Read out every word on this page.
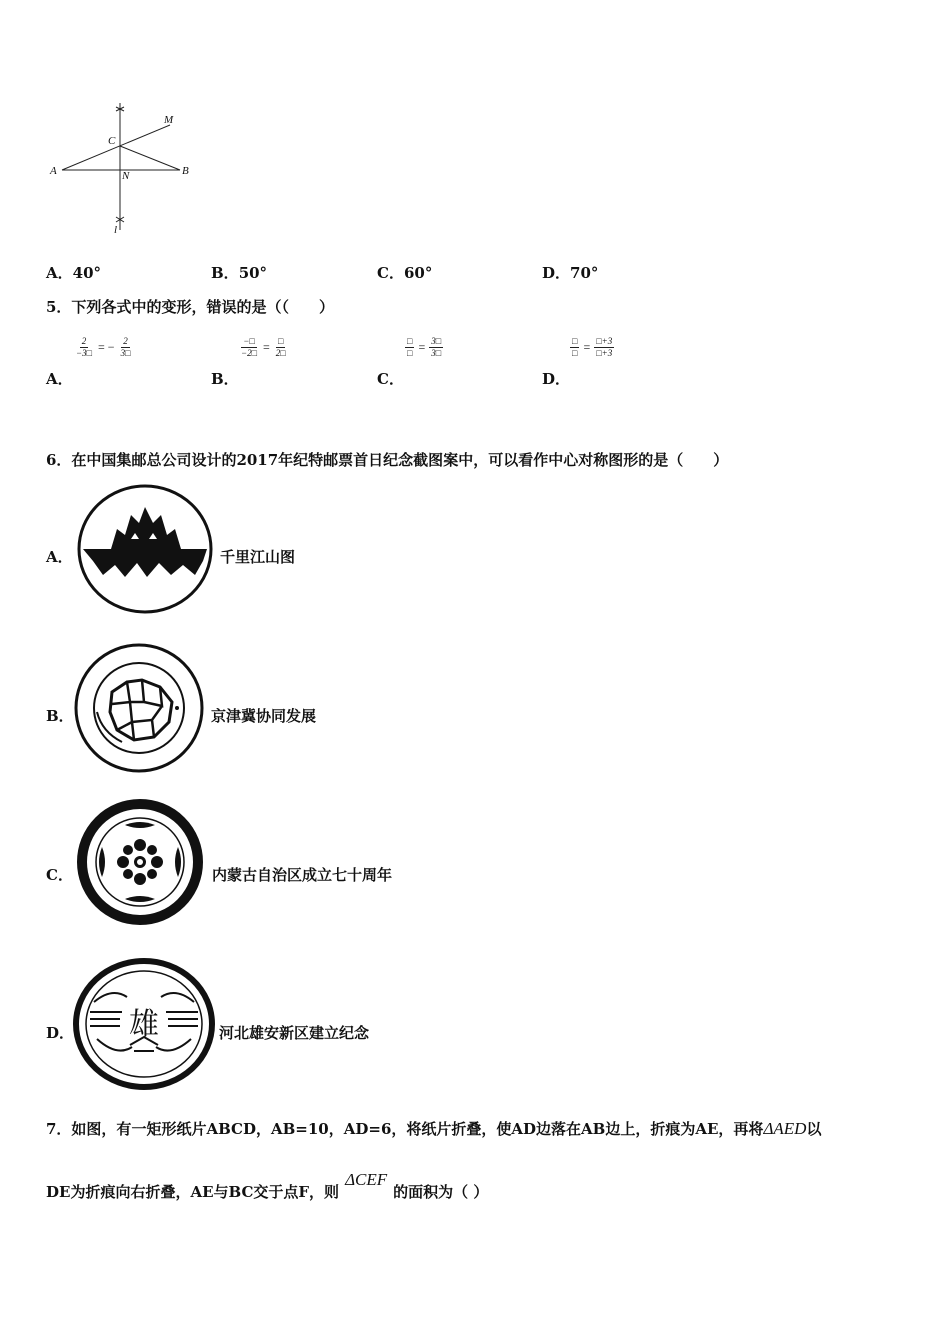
A	B
C
M
N
l
A．40°	B．50°	C．60°	D．70°
5．下列各式中的变形，错误的是（（　　）
$\frac{2}{-3□}$ = − $\frac{2}{3□}$
A．
$\frac{-□}{-2□} = \frac{□}{2□}$
B．
$\frac{□}{□} = \frac{3□}{3□}$
C．
$\frac{□}{□} = \frac{□+3}{□+3}$
D．
6．在中国集邮总公司设计的2017年纪特邮票首日纪念截图案中，可以看作中心对称图形的是（　　）
A．	千里江山图
B．	京津冀协同发展
C．	内蒙古自治区成立七十周年
D． 雄	河北雄安新区建立纪念
7．如图，有一矩形纸片ABCD，AB=10，AD=6，将纸片折叠，使AD边落在AB边上，折痕为AE，再将ΔAED以
DE为折痕向右折叠，AE与BC交于点F，则ΔCEF的面积为（ ）
